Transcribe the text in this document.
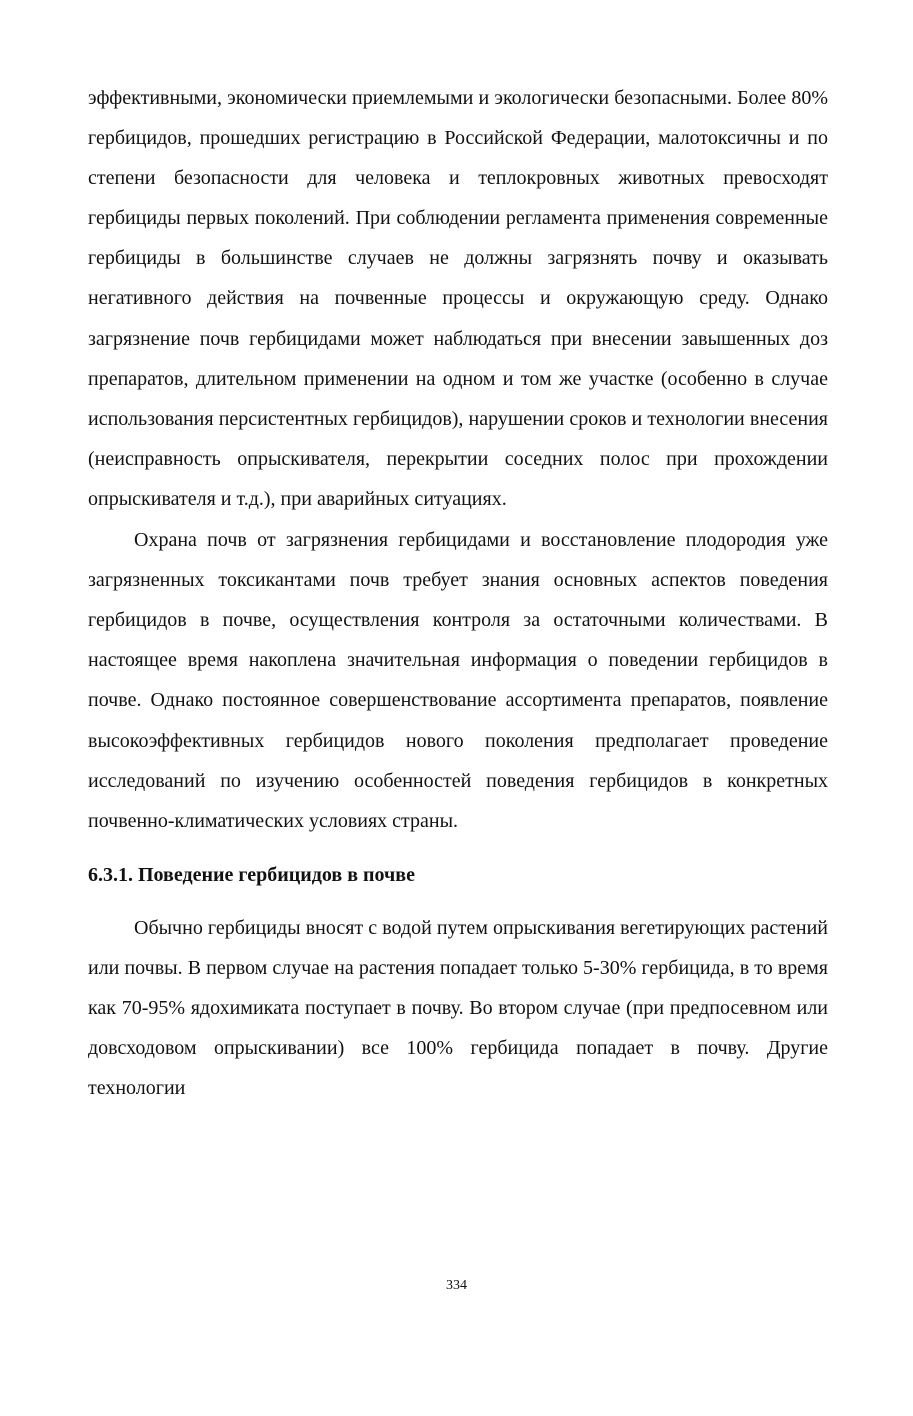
эффективными, экономически приемлемыми и экологически безопасными. Более 80% гербицидов, прошедших регистрацию в Российской Федерации, малотоксичны и по степени безопасности для человека и теплокровных животных превосходят гербициды первых поколений. При соблюдении регламента применения современные гербициды в большинстве случаев не должны загрязнять почву и оказывать негативного действия на почвенные процессы и окружающую среду. Однако загрязнение почв гербицидами может наблюдаться при внесении завышенных доз препаратов, длительном применении на одном и том же участке (особенно в случае использования персистентных гербицидов), нарушении сроков и технологии внесения (неисправность опрыскивателя, перекрытии соседних полос при прохождении опрыскивателя и т.д.), при аварийных ситуациях.

Охрана почв от загрязнения гербицидами и восстановление плодородия уже загрязненных токсикантами почв требует знания основных аспектов поведения гербицидов в почве, осуществления контроля за остаточными количествами. В настоящее время накоплена значительная информация о поведении гербицидов в почве. Однако постоянное совершенствование ассортимента препаратов, появление высокоэффективных гербицидов нового поколения предполагает проведение исследований по изучению особенностей поведения гербицидов в конкретных почвенно-климатических условиях страны.

6.3.1. Поведение гербицидов в почве

Обычно гербициды вносят с водой путем опрыскивания вегетирующих растений или почвы. В первом случае на растения попадает только 5-30% гербицида, в то время как 70-95% ядохимиката поступает в почву. Во втором случае (при предпосевном или довсходовом опрыскивании) все 100% гербицида попадает в почву. Другие технологии

334
